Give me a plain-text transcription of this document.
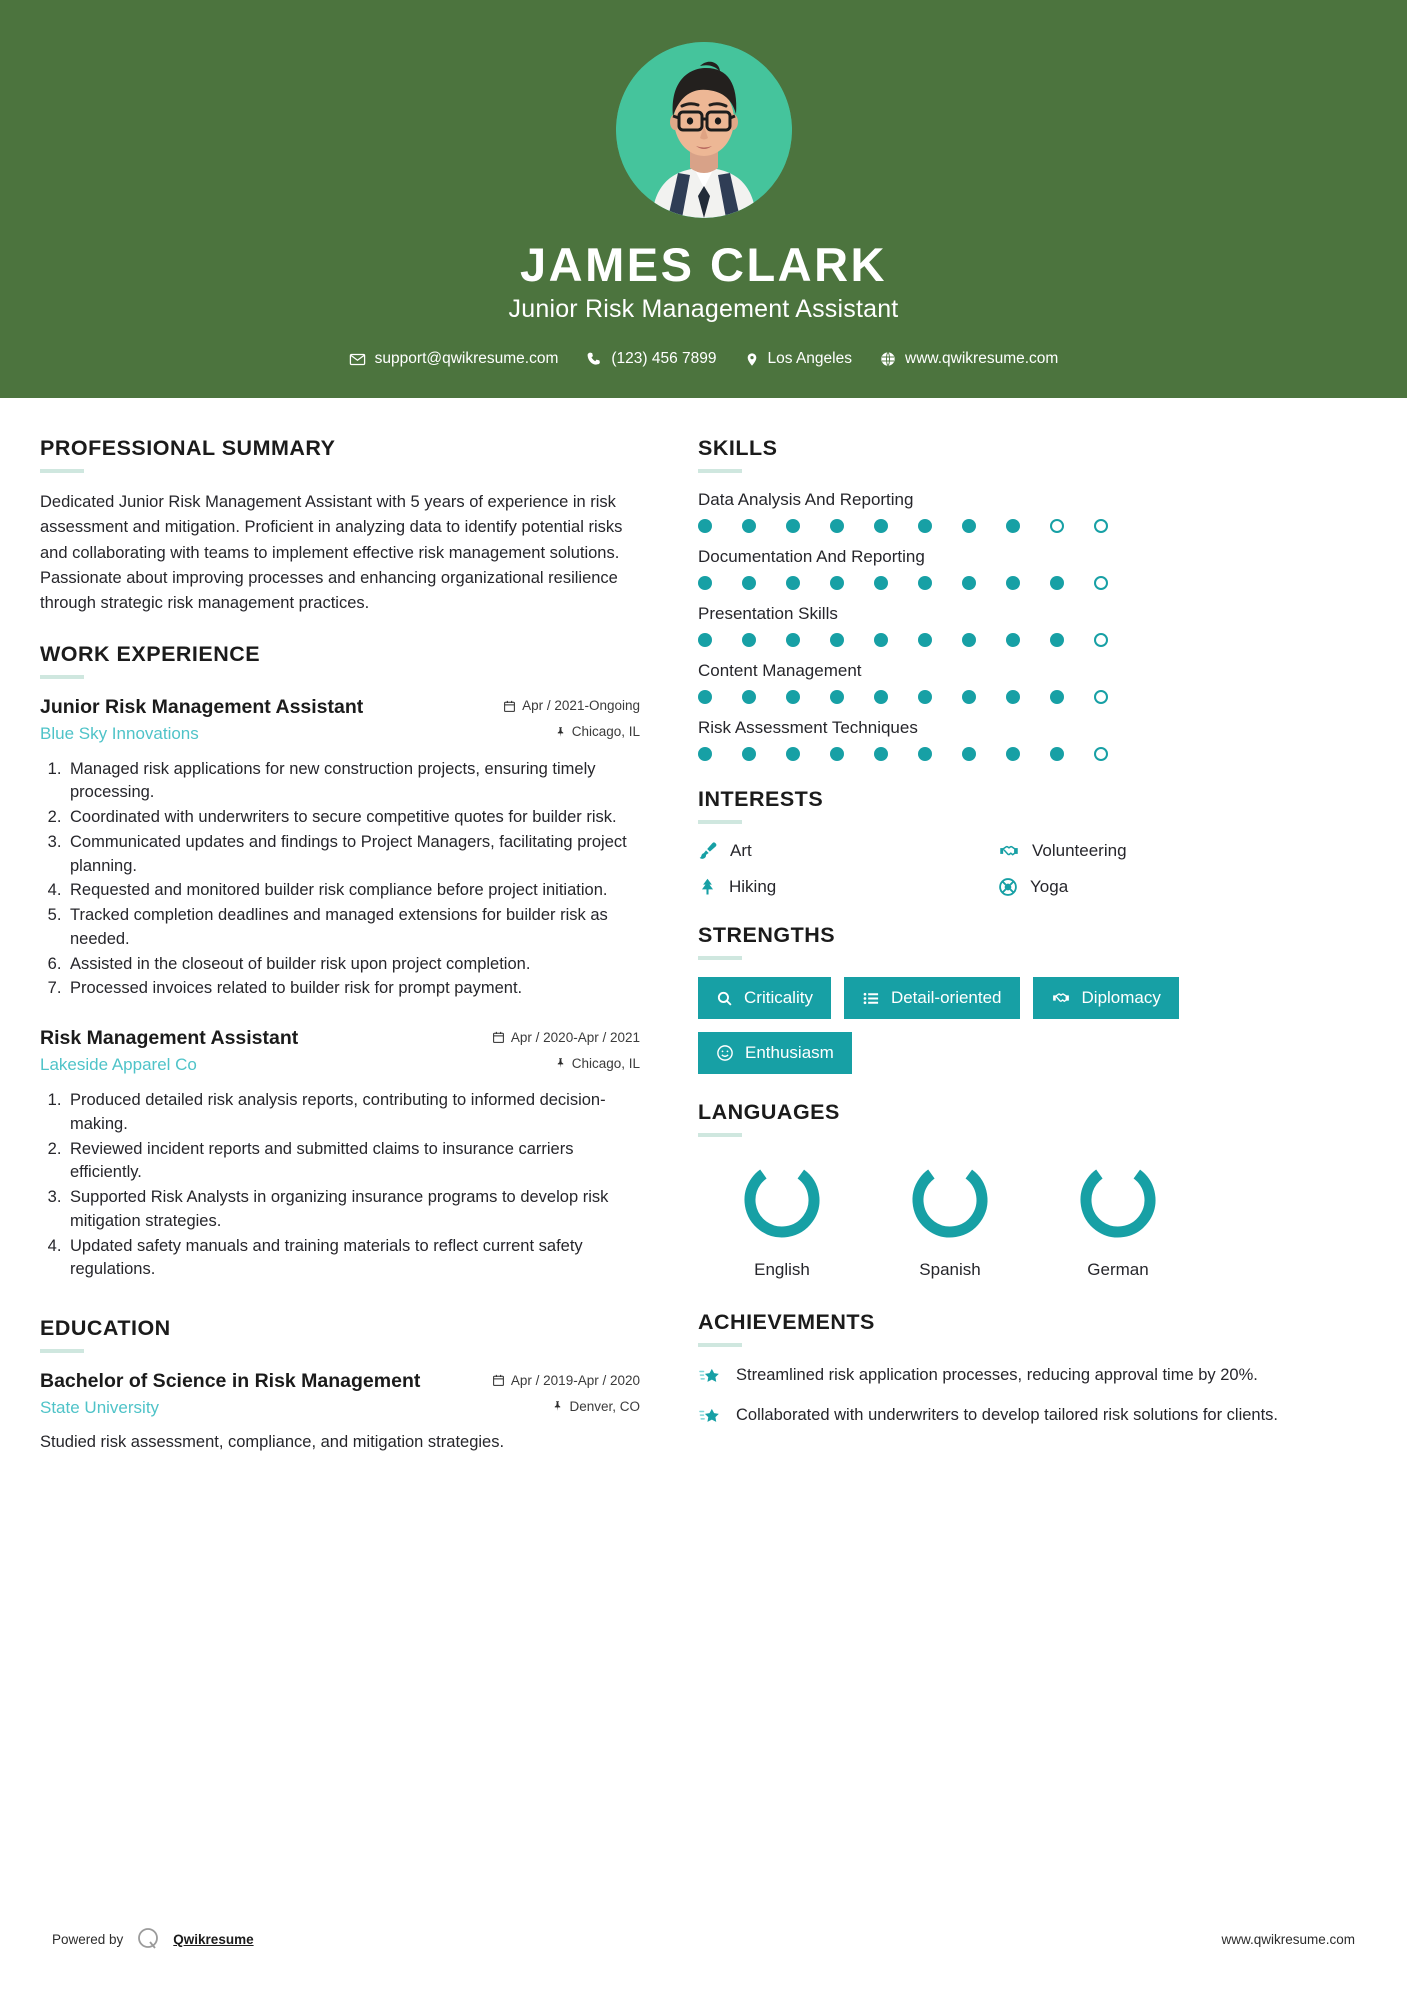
JAMES CLARK
Junior Risk Management Assistant
support@qwikresume.com	(123) 456 7899	Los Angeles	www.qwikresume.com
PROFESSIONAL SUMMARY
Dedicated Junior Risk Management Assistant with 5 years of experience in risk assessment and mitigation. Proficient in analyzing data to identify potential risks and collaborating with teams to implement effective risk management solutions. Passionate about improving processes and enhancing organizational resilience through strategic risk management practices.
WORK EXPERIENCE
Junior Risk Management Assistant	Apr / 2021-Ongoing
Blue Sky Innovations	Chicago, IL
1. Managed risk applications for new construction projects, ensuring timely processing.
2. Coordinated with underwriters to secure competitive quotes for builder risk.
3. Communicated updates and findings to Project Managers, facilitating project planning.
4. Requested and monitored builder risk compliance before project initiation.
5. Tracked completion deadlines and managed extensions for builder risk as needed.
6. Assisted in the closeout of builder risk upon project completion.
7. Processed invoices related to builder risk for prompt payment.
Risk Management Assistant	Apr / 2020-Apr / 2021
Lakeside Apparel Co	Chicago, IL
1. Produced detailed risk analysis reports, contributing to informed decision-making.
2. Reviewed incident reports and submitted claims to insurance carriers efficiently.
3. Supported Risk Analysts in organizing insurance programs to develop risk mitigation strategies.
4. Updated safety manuals and training materials to reflect current safety regulations.
EDUCATION
Bachelor of Science in Risk Management	Apr / 2019-Apr / 2020
State University	Denver, CO
Studied risk assessment, compliance, and mitigation strategies.
SKILLS
Data Analysis And Reporting
Documentation And Reporting
Presentation Skills
Content Management
Risk Assessment Techniques
INTERESTS
Art	Volunteering
Hiking	Yoga
STRENGTHS
Criticality	Detail-oriented	Diplomacy
Enthusiasm
LANGUAGES
English	Spanish	German
ACHIEVEMENTS
Streamlined risk application processes, reducing approval time by 20%.
Collaborated with underwriters to develop tailored risk solutions for clients.
Powered by	Qwikresume	www.qwikresume.com
